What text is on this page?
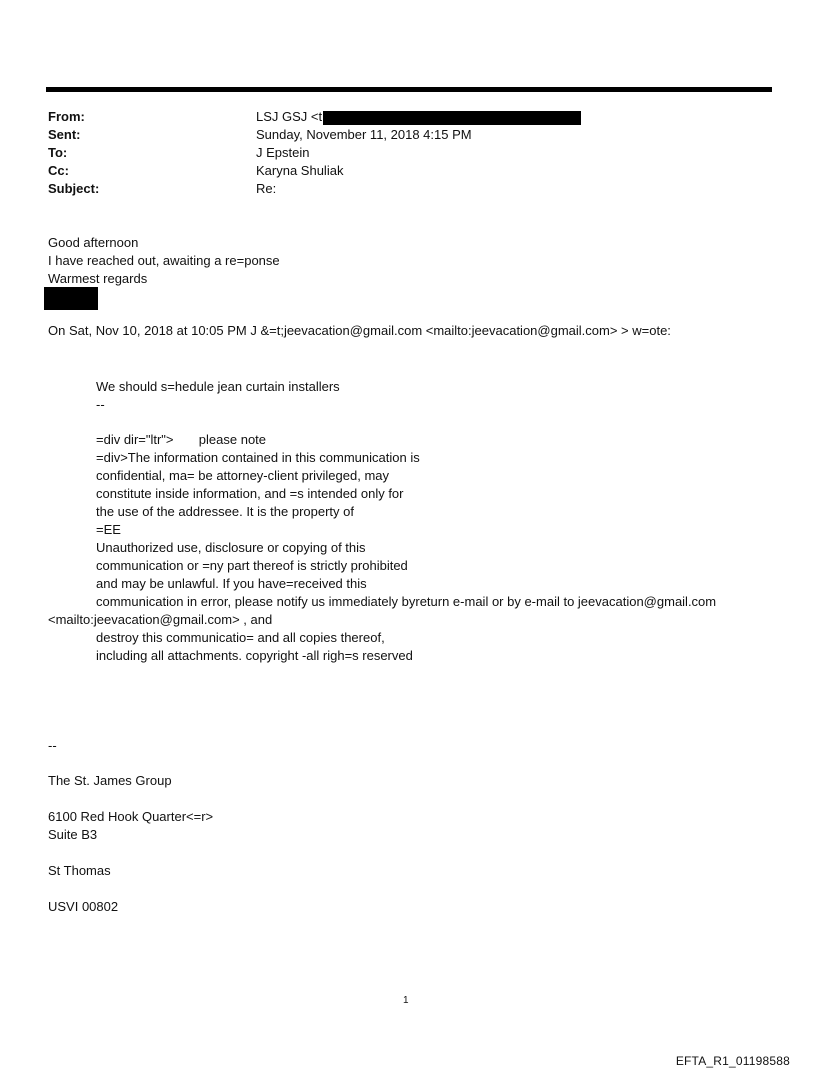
From:	LSJ GSJ <t
Sent:	Sunday, November 11, 2018 4:15 PM
To:	J Epstein
Cc:	Karyna Shuliak
Subject:	Re:
Good afternoon
I have reached out, awaiting a re=ponse
Warmest regards
On Sat, Nov 10, 2018 at 10:05 PM J &=t;jeevacation@gmail.com <mailto:jeevacation@gmail.com> > w=ote:
We should s=hedule jean curtain installers
--
=div dir="ltr">       please note
=div>The information contained in this communication is
confidential, ma= be attorney-client privileged, may
constitute inside information, and =s intended only for
the use of the addressee. It is the property of
=EE
Unauthorized use, disclosure or copying of this
communication or =ny part thereof is strictly prohibited
and may be unlawful. If you have=received this
communication in error, please notify us immediately byreturn e-mail or by e-mail to jeevacation@gmail.com
<mailto:jeevacation@gmail.com> , and
destroy this communicatio= and all copies thereof,
including all attachments. copyright -all righ=s reserved
--
The St. James Group
6100 Red Hook Quarter<=r>
Suite B3
St Thomas
USVI 00802
1
EFTA_R1_01198588
